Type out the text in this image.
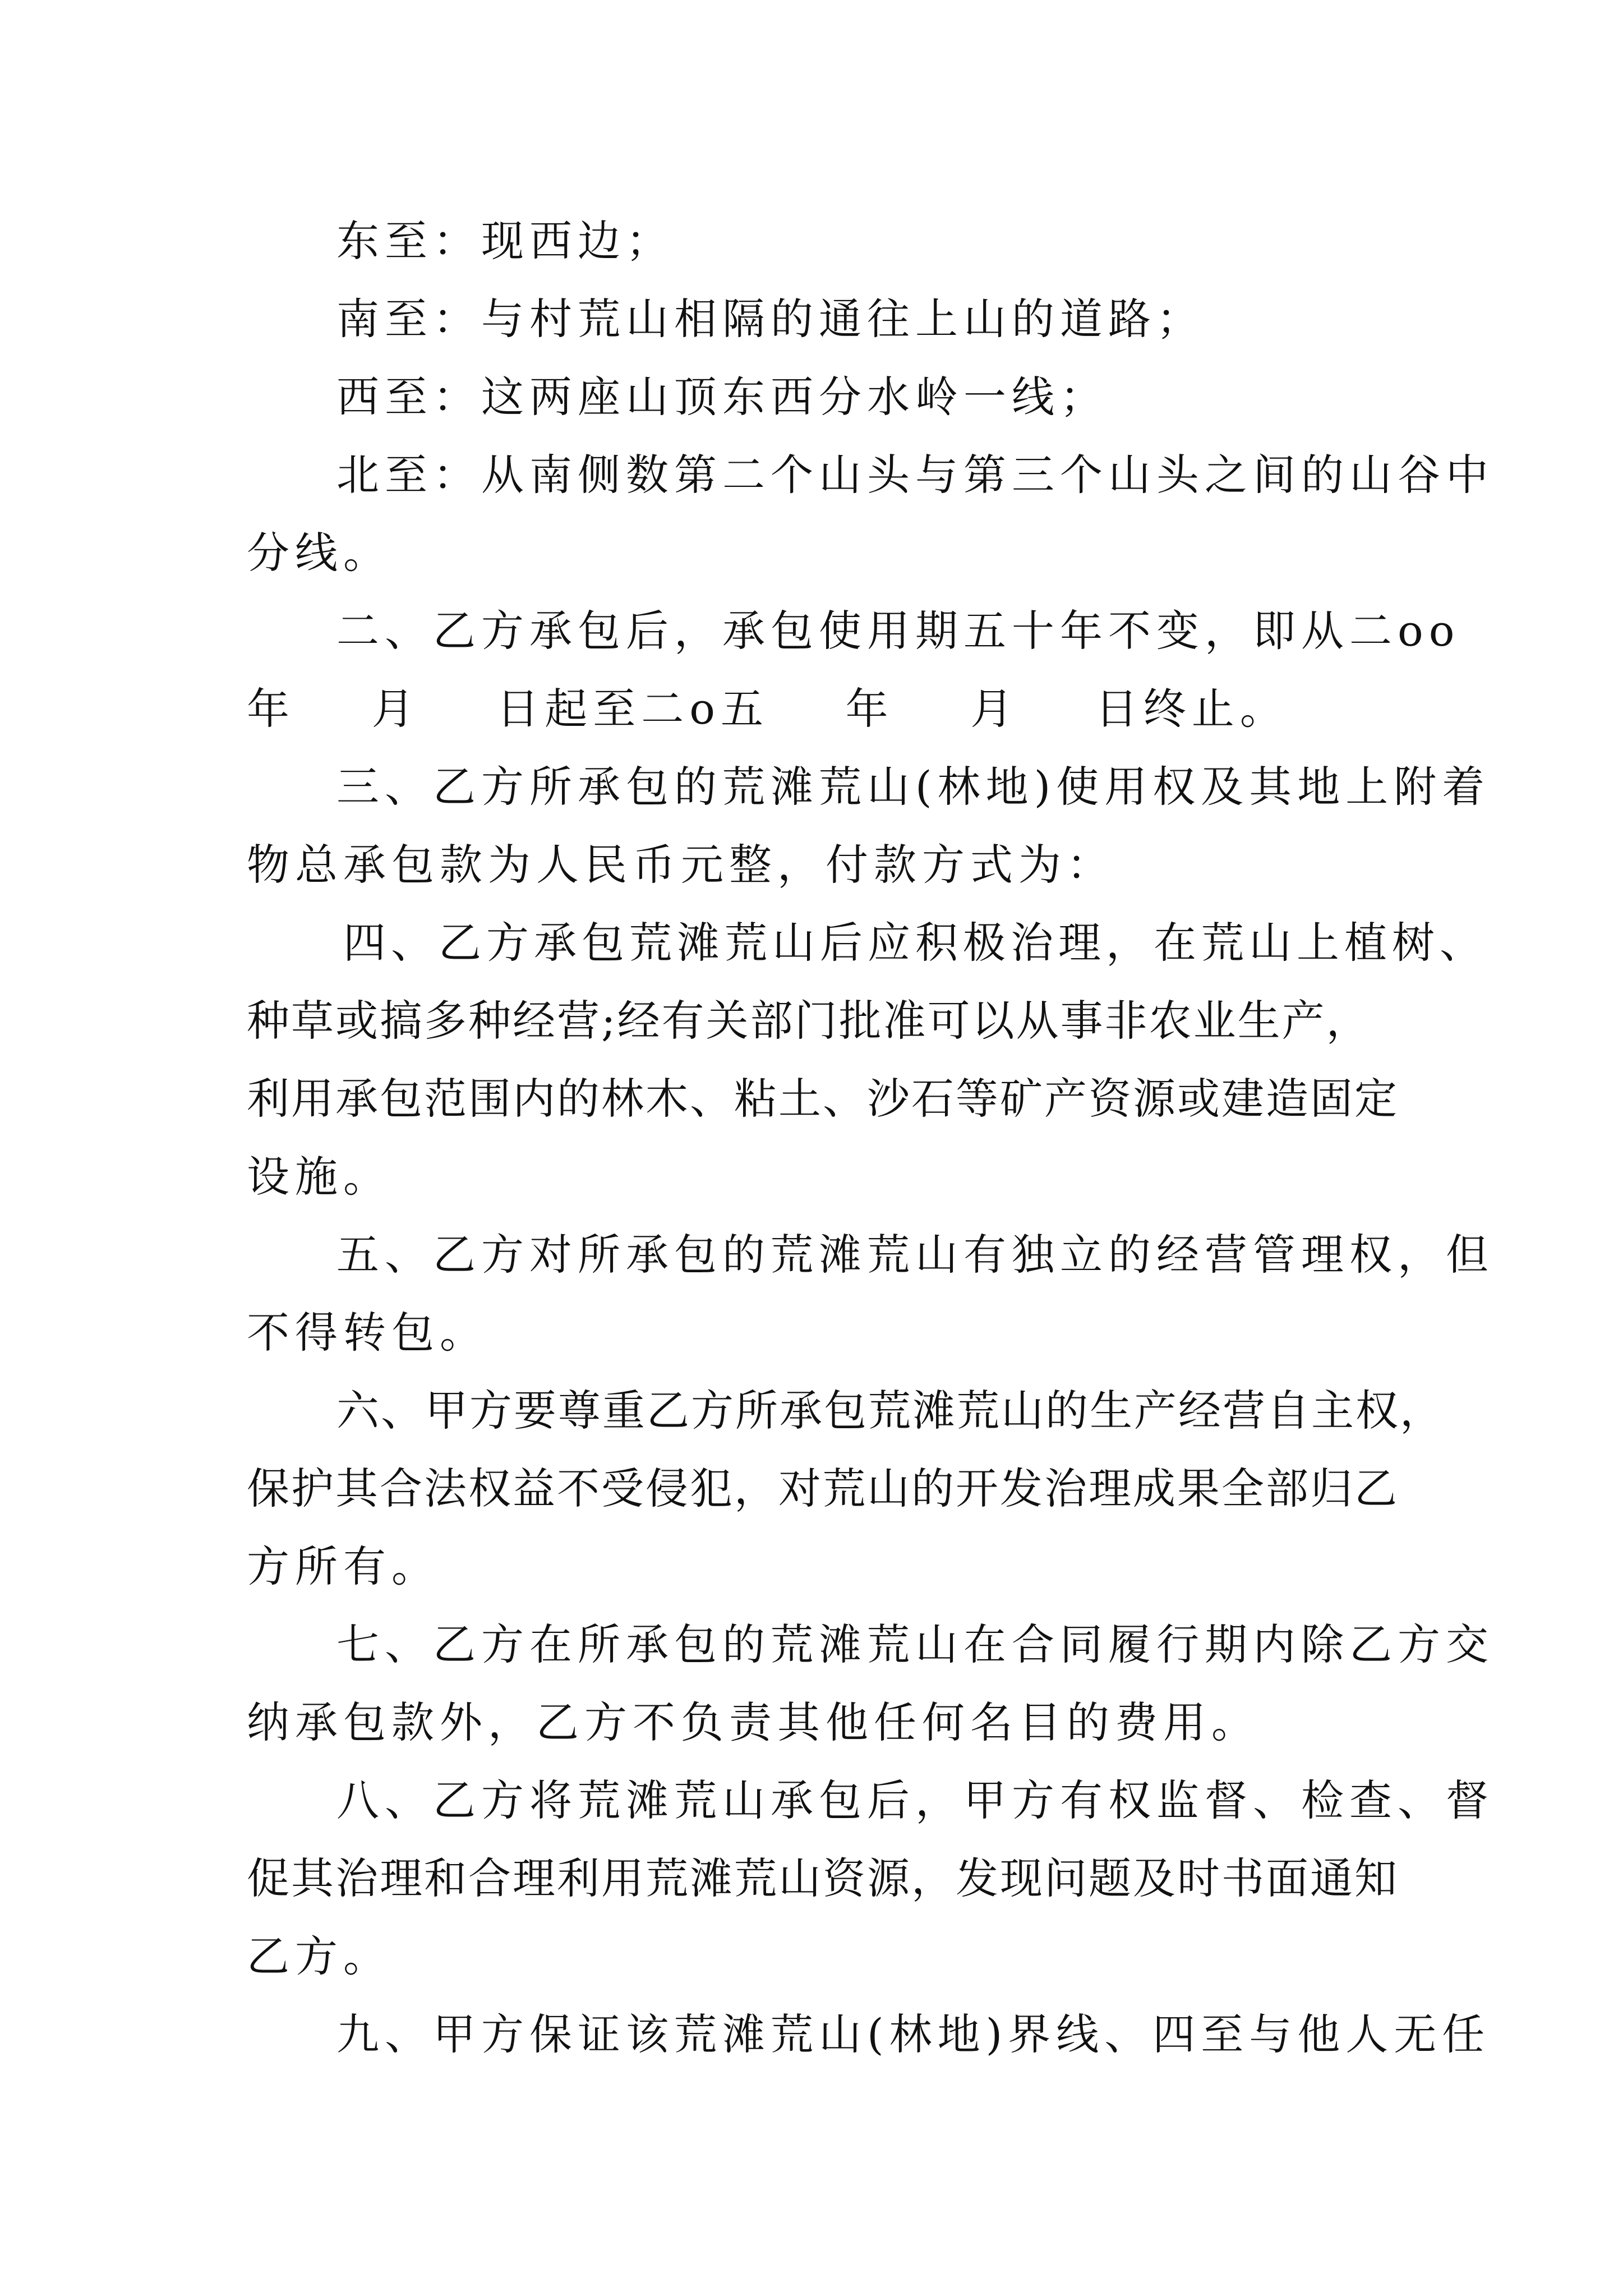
东至：现西边；

南至：与村荒山相隔的通往上山的道路；

西至：这两座山顶东西分水岭一线；

北至：从南侧数第二个山头与第三个山头之间的山谷中

分线。

二、乙方承包后，承包使用期五十年不变，即从二oo

年    月    日起至二o五    年    月    日终止。

三、乙方所承包的荒滩荒山(林地)使用权及其地上附着

物总承包款为人民币元整，付款方式为：

四、乙方承包荒滩荒山后应积极治理，在荒山上植树、

种草或搞多种经营;经有关部门批准可以从事非农业生产，

利用承包范围内的林木、粘土、沙石等矿产资源或建造固定

设施。

五、乙方对所承包的荒滩荒山有独立的经营管理权，但

不得转包。

六、甲方要尊重乙方所承包荒滩荒山的生产经营自主权，

保护其合法权益不受侵犯，对荒山的开发治理成果全部归乙

方所有。

七、乙方在所承包的荒滩荒山在合同履行期内除乙方交

纳承包款外，乙方不负责其他任何名目的费用。

八、乙方将荒滩荒山承包后，甲方有权监督、检查、督

促其治理和合理利用荒滩荒山资源，发现问题及时书面通知

乙方。

九、甲方保证该荒滩荒山(林地)界线、四至与他人无任
